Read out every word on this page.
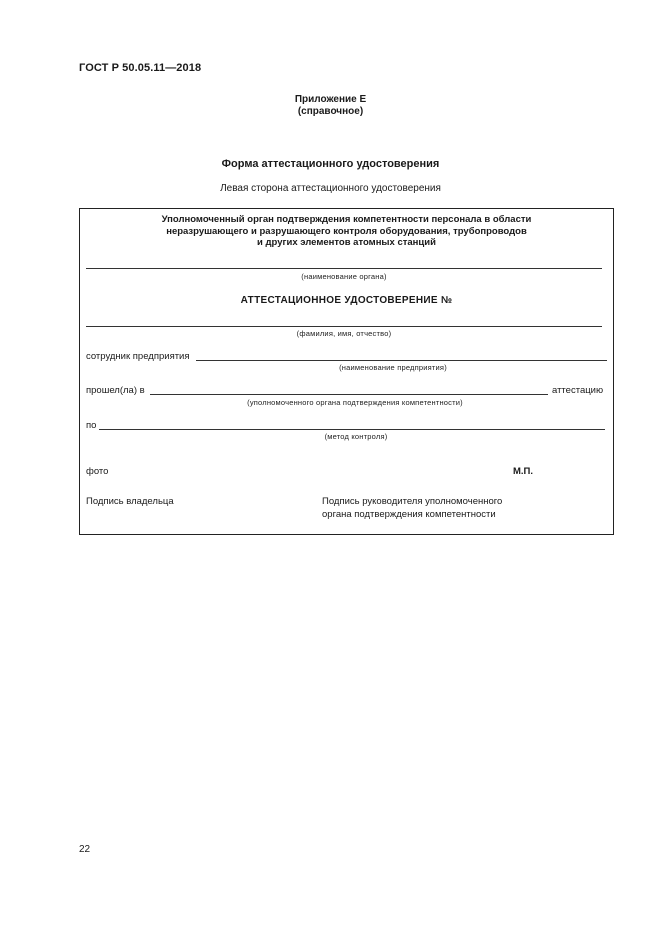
ГОСТ Р 50.05.11—2018
Приложение Е
(справочное)
Форма аттестационного удостоверения
Левая сторона аттестационного удостоверения
Уполномоченный орган подтверждения компетентности персонала в области
неразрушающего и разрушающего контроля оборудования, трубопроводов
и других элементов атомных станций
(наименование органа)
АТТЕСТАЦИОННОЕ УДОСТОВЕРЕНИЕ №
(фамилия, имя, отчество)
сотрудник предприятия
(наименование предприятия)
прошел(ла) в	аттестацию
(уполномоченного органа подтверждения компетентности)
по
(метод контроля)
фото	М.П.
Подпись владельца	Подпись руководителя уполномоченного
органа подтверждения компетентности
22
